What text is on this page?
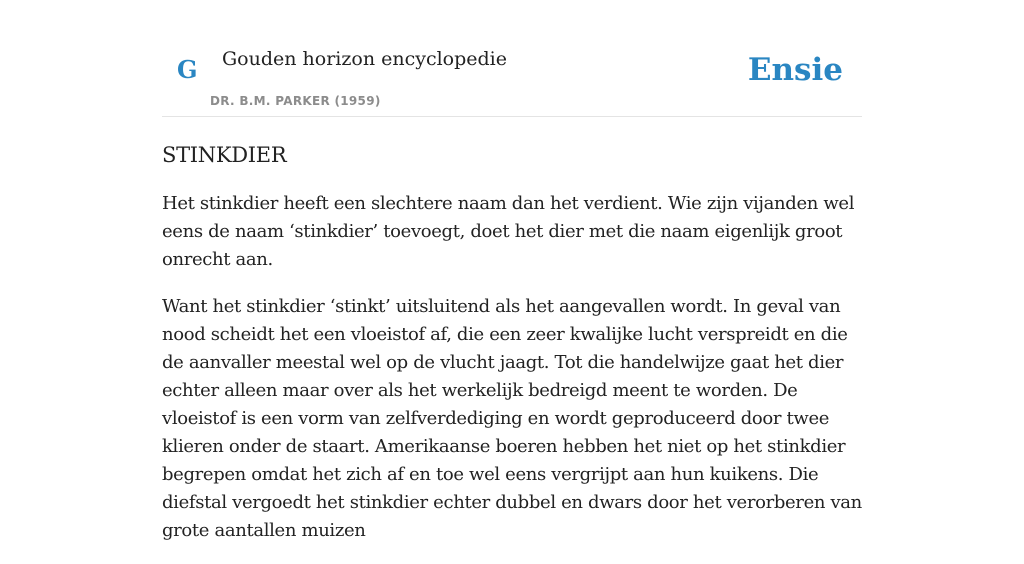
G Gouden horizon encyclopedie
DR. B.M. PARKER (1959)
Ensie
STINKDIER

Het stinkdier heeft een slechtere naam dan het verdient. Wie zijn vijanden wel eens de naam ‘stinkdier’ toevoegt, doet het dier met die naam eigenlijk groot onrecht aan.

Want het stinkdier ‘stinkt’ uitsluitend als het aangevallen wordt. In geval van nood scheidt het een vloeistof af, die een zeer kwalijke lucht verspreidt en die de aanvaller meestal wel op de vlucht jaagt. Tot die handelwijze gaat het dier echter alleen maar over als het werkelijk bedreigd meent te worden. De vloeistof is een vorm van zelfverdediging en wordt geproduceerd door twee klieren onder de staart. Amerikaanse boeren hebben het niet op het stinkdier begrepen omdat het zich af en toe wel eens vergrijpt aan hun kuikens. Die diefstal vergoedt het stinkdier echter dubbel en dwars door het verorberen van grote aantallen muizen
